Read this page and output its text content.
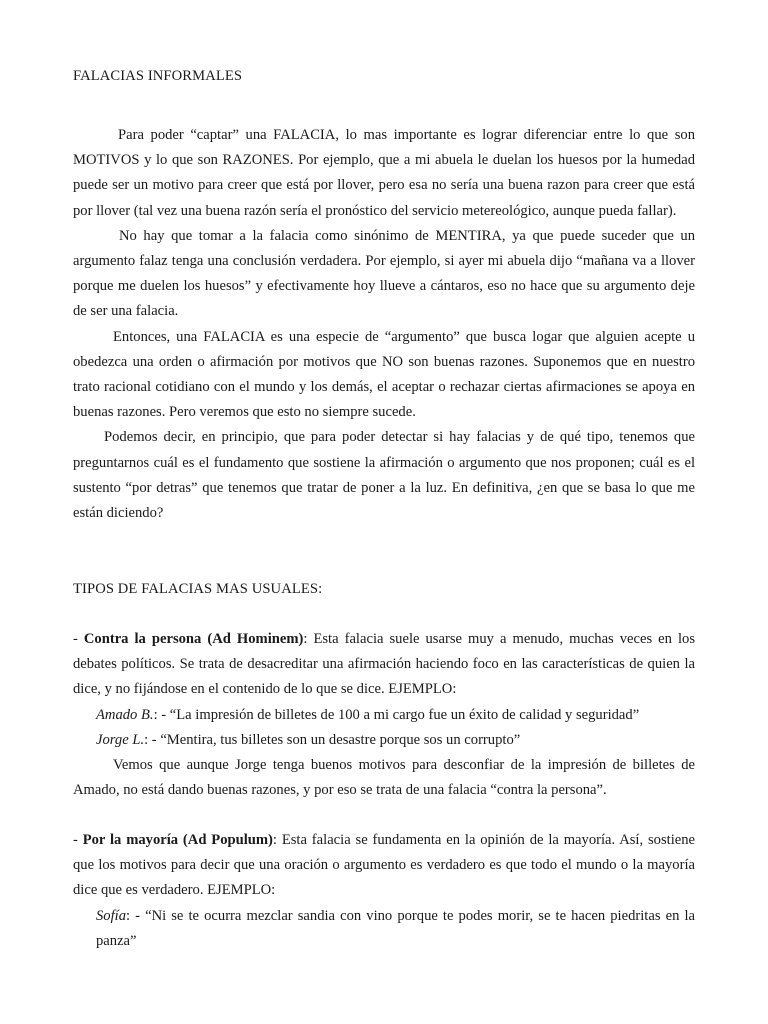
FALACIAS INFORMALES

Para poder “captar” una FALACIA, lo mas importante es lograr diferenciar entre lo que son MOTIVOS y lo que son RAZONES. Por ejemplo, que a mi abuela le duelan los huesos por la humedad puede ser un motivo para creer que está por llover, pero esa no sería una buena razon para creer que está por llover (tal vez una buena razón sería el pronóstico del servicio metereológico, aunque pueda fallar).

No hay que tomar a la falacia como sinónimo de MENTIRA, ya que puede suceder que un argumento falaz tenga una conclusión verdadera. Por ejemplo, si ayer mi abuela dijo “mañana va a llover porque me duelen los huesos” y efectivamente hoy llueve a cántaros, eso no hace que su argumento deje de ser una falacia.

Entonces, una FALACIA es una especie de “argumento” que busca logar que alguien acepte u obedezca una orden o afirmación por motivos que NO son buenas razones. Suponemos que en nuestro trato racional cotidiano con el mundo y los demás, el aceptar o rechazar ciertas afirmaciones se apoya en buenas razones. Pero veremos que esto no siempre sucede.

Podemos decir, en principio, que para poder detectar si hay falacias y de qué tipo, tenemos que preguntarnos cuál es el fundamento que sostiene la afirmación o argumento que nos proponen; cuál es el sustento “por detras” que tenemos que tratar de poner a la luz. En definitiva, ¿en que se basa lo que me están diciendo?

TIPOS DE FALACIAS MAS USUALES:

- Contra la persona (Ad Hominem): Esta falacia suele usarse muy a menudo, muchas veces en los debates políticos. Se trata de desacreditar una afirmación haciendo foco en las características de quien la dice, y no fijándose en el contenido de lo que se dice. EJEMPLO:

Amado B.: - “La impresión de billetes de 100 a mi cargo fue un éxito de calidad y seguridad”

Jorge L.: - “Mentira, tus billetes son un desastre porque sos un corrupto”

Vemos que aunque Jorge tenga buenos motivos para desconfiar de la impresión de billetes de Amado, no está dando buenas razones, y por eso se trata de una falacia “contra la persona”.

- Por la mayoría (Ad Populum): Esta falacia se fundamenta en la opinión de la mayoría. Así, sostiene que los motivos para decir que una oración o argumento es verdadero es que todo el mundo o la mayoría dice que es verdadero. EJEMPLO:

Sofía: - “Ni se te ocurra mezclar sandia con vino porque te podes morir, se te hacen piedritas en la panza”
